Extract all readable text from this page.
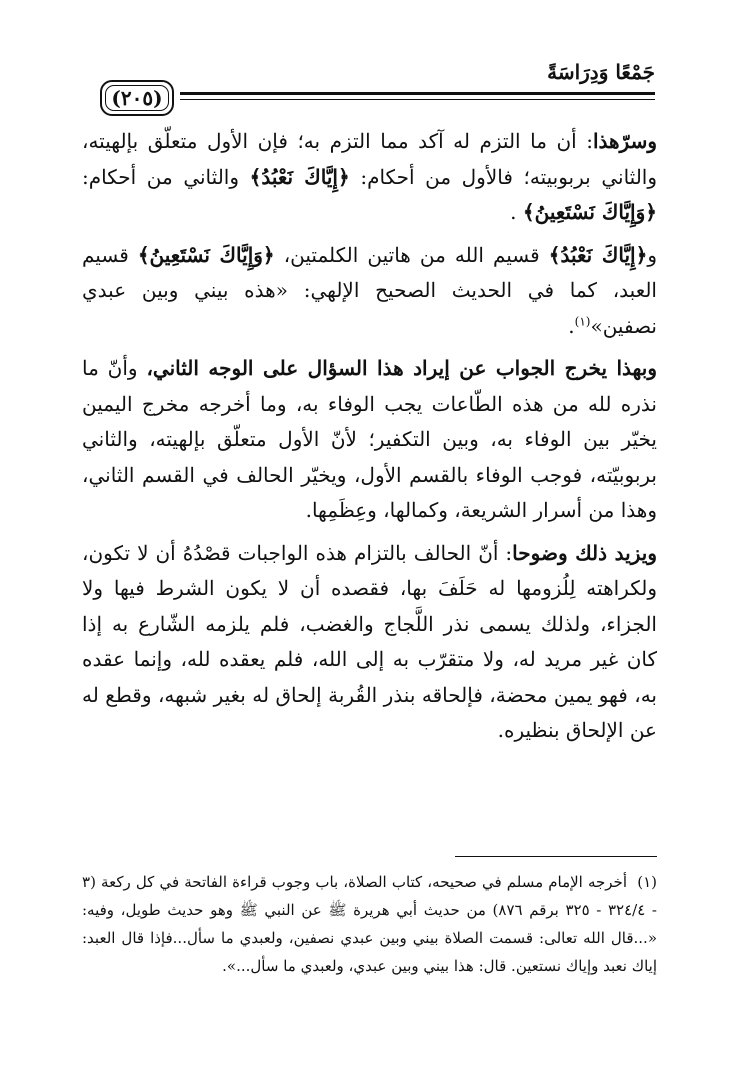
جَمْعًا وَدِرَاسَةً
(٢٠٥)

وسرّهذا: أن ما التزم له آكد مما التزم به؛ فإن الأول متعلّق بإلهيته، والثاني بربوبيته؛ فالأول من أحكام: ﴿إِيَّاكَ نَعْبُدُ﴾ والثاني من أحكام: ﴿وَإِيَّاكَ نَسْتَعِينُ﴾ .

و﴿إِيَّاكَ نَعْبُدُ﴾ قسيم الله من هاتين الكلمتين، ﴿وَإِيَّاكَ نَسْتَعِينُ﴾ قسيم العبد، كما في الحديث الصحيح الإلهي: «هذه بيني وبين عبدي نصفين»$^{(١)}$.

وبهذا يخرج الجواب عن إيراد هذا السؤال على الوجه الثاني، وأنّ ما نذره لله من هذه الطّاعات يجب الوفاء به، وما أخرجه مخرج اليمين يخيّر بين الوفاء به، وبين التكفير؛ لأنّ الأول متعلّق بإلهيته، والثاني بربوبيّته، فوجب الوفاء بالقسم الأول، ويخيّر الحالف في القسم الثاني، وهذا من أسرار الشريعة، وكمالها، وعِظَمِها.

ويزيد ذلك وضوحا: أنّ الحالف بالتزام هذه الواجبات قصْدُهُ أن لا تكون، ولكراهته لِلُزومها له حَلَفَ بها، فقصده أن لا يكون الشرط فيها ولا الجزاء، ولذلك يسمى نذر اللَّجاج والغضب، فلم يلزمه الشّارع به إذا كان غير مريد له، ولا متقرّب به إلى الله، فلم يعقده لله، وإنما عقده به، فهو يمين محضة، فإلحاقه بنذر القُربة إلحاق له بغير شبهه، وقطع له عن الإلحاق بنظيره.

(١)أخرجه الإمام مسلم في صحيحه، كتاب الصلاة، باب وجوب قراءة الفاتحة في كل ركعة (٣ - ٣٢٤/٤ - ٣٢٥ برقم ٨٧٦) من حديث أبي هريرة ﷺ عن النبي ﷺ وهو حديث طويل، وفيه: «...قال الله تعالى: قسمت الصلاة بيني وبين عبدي نصفين، ولعبدي ما سأل...فإذا قال العبد: إياك نعبد وإياك نستعين. قال: هذا بيني وبين عبدي، ولعبدي ما سأل...».
